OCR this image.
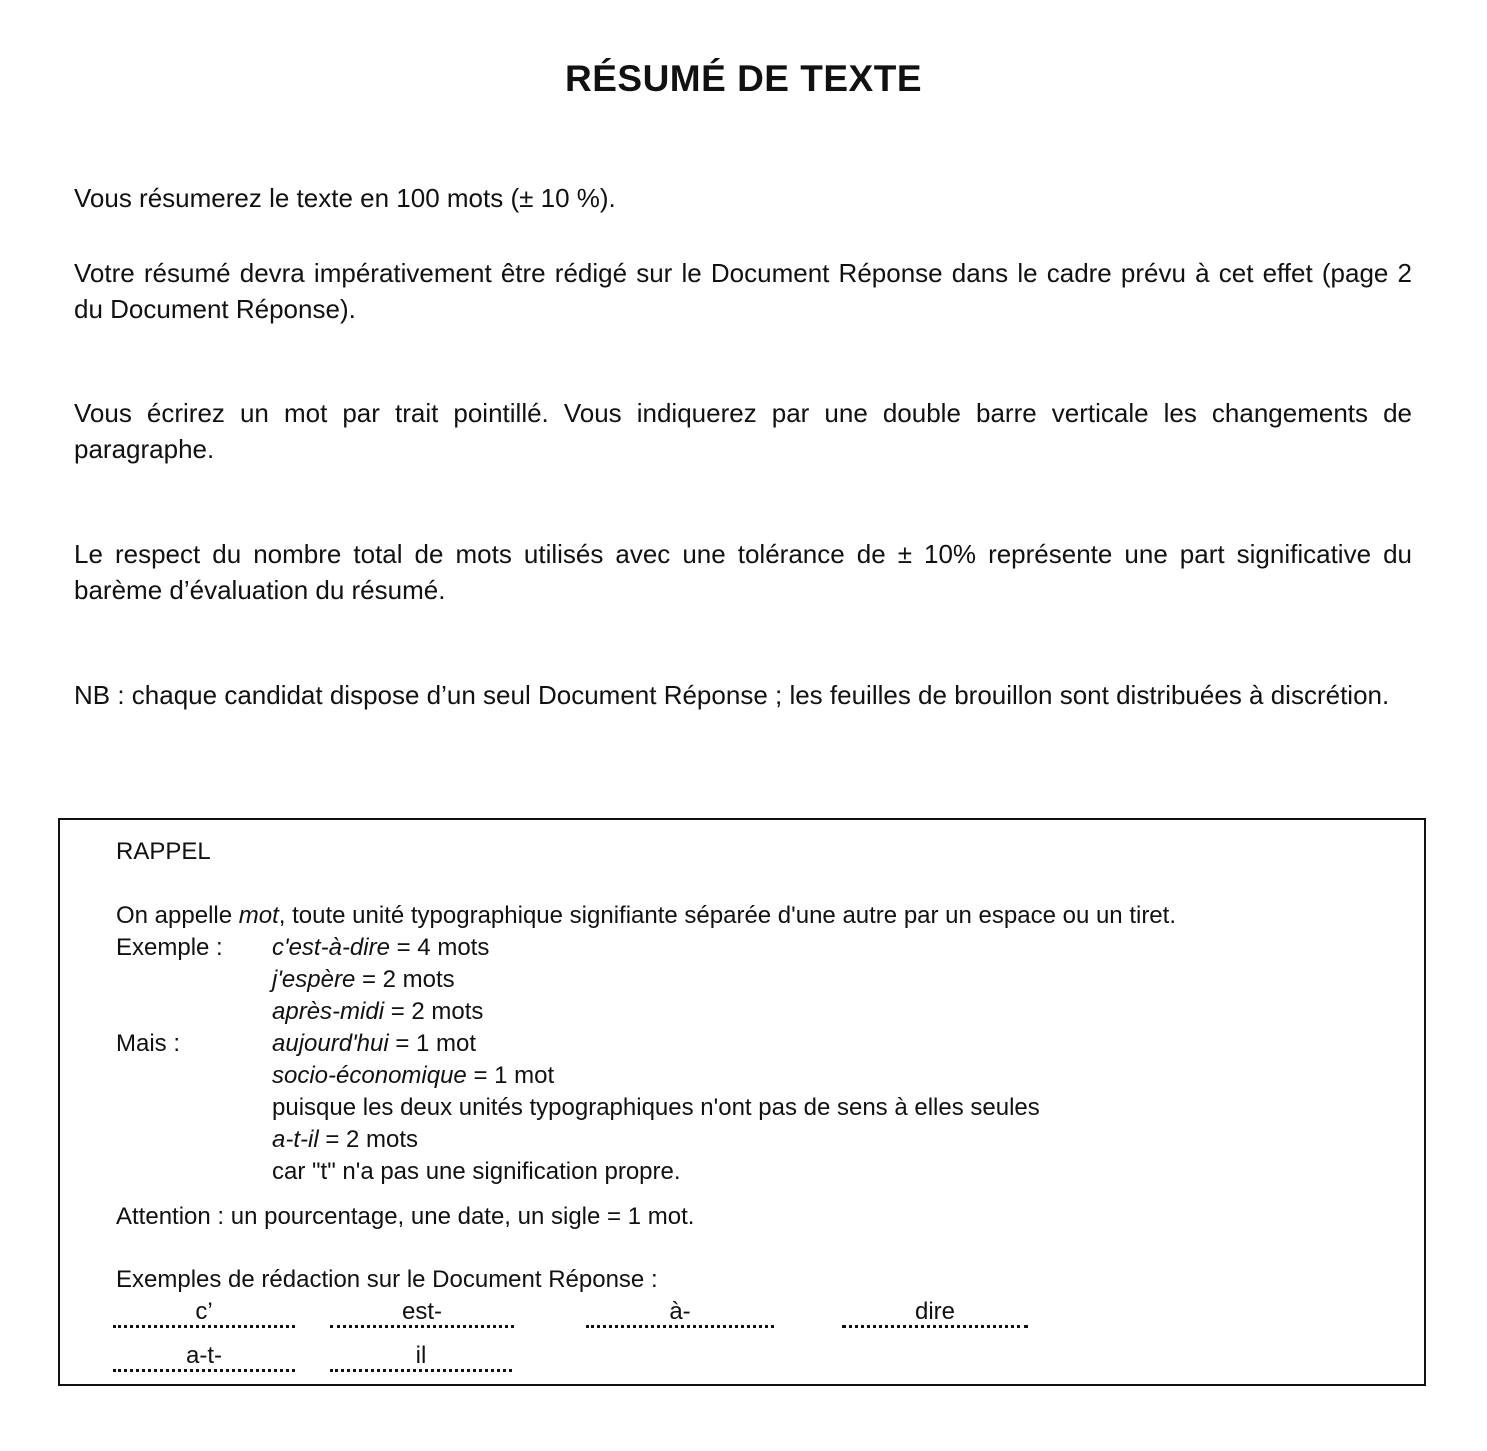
RÉSUMÉ DE TEXTE

Vous résumerez le texte en 100 mots (± 10 %).

Votre résumé devra impérativement être rédigé sur le Document Réponse dans le cadre prévu à cet effet (page 2 du Document Réponse).

Vous écrirez un mot par trait pointillé. Vous indiquerez par une double barre verticale les changements de paragraphe.

Le respect du nombre total de mots utilisés avec une tolérance de ± 10% représente une part significative du barème d’évaluation du résumé.

NB : chaque candidat dispose d’un seul Document Réponse ; les feuilles de brouillon sont distribuées à discrétion.

RAPPEL
On appelle mot, toute unité typographique signifiante séparée d'une autre par un espace ou un tiret.
Exemple : c'est-à-dire = 4 mots
j'espère = 2 mots
après-midi = 2 mots
Mais :	aujourd'hui = 1 mot
socio-économique = 1 mot
puisque les deux unités typographiques n'ont pas de sens à elles seules
a-t-il = 2 mots
car "t" n'a pas une signification propre.
Attention : un pourcentage, une date, un sigle = 1 mot.
Exemples de rédaction sur le Document Réponse :
c’	est-	à-	dire
a-t-	il
